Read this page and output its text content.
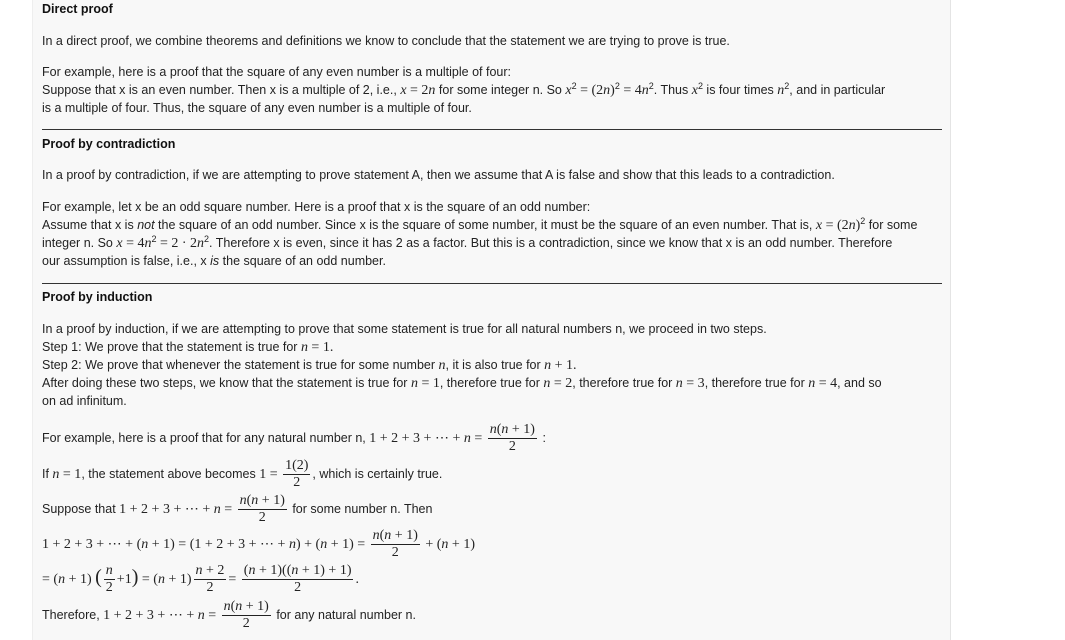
Direct proof
In a direct proof, we combine theorems and definitions we know to conclude that the statement we are trying to prove is true.
For example, here is a proof that the square of any even number is a multiple of four:
Suppose that x is an even number. Then x is a multiple of 2, i.e., x = 2n for some integer n. So $x^2 = (2n)^2 = 4n^2$. Thus $x^2$ is four times $n^2$, and in particular
is a multiple of four. Thus, the square of any even number is a multiple of four.
Proof by contradiction
In a proof by contradiction, if we are attempting to prove statement A, then we assume that A is false and show that this leads to a contradiction.
For example, let x be an odd square number. Here is a proof that x is the square of an odd number:
Assume that x is not the square of an odd number. Since x is the square of some number, it must be the square of an even number. That is, $x = (2n)^2$ for some
integer n. So $x = 4n^2 = 2 \cdot 2n^2$. Therefore x is even, since it has 2 as a factor. But this is a contradiction, since we know that x is an odd number. Therefore
our assumption is false, i.e., x is the square of an odd number.
Proof by induction
In a proof by induction, if we are attempting to prove that some statement is true for all natural numbers n, we proceed in two steps.
Step 1: We prove that the statement is true for n = 1.
Step 2: We prove that whenever the statement is true for some number n, it is also true for n + 1.
After doing these two steps, we know that the statement is true for n = 1, therefore true for n = 2, therefore true for n = 3, therefore true for n = 4, and so
on ad infinitum.
For example, here is a proof that for any natural number n, 1 + 2 + 3 + ⋯ + $n = \frac{n(n + 1)}{2}$ :
If n = 1, the statement above becomes $1 = \frac{1(2)}{2}$ , which is certainly true.
Suppose that 1 + 2 + 3 + ⋯ + $n = \frac{n(n + 1)}{2}$ for some number n. Then
1 + 2 + 3 + ⋯ + (n + 1) = (1 + 2 + 3 + ⋯ + $n) + (n + 1) = \frac{n(n + 1)}{2} + (n + 1)$
= (n + 1) ( $\frac{n}{2} +1) = (n + 1) \frac{n + 2}{2} = \frac{(n + 1)((n + 1) + 1)}{2}$ .
Therefore, 1 + 2 + 3 + ⋯ + $n = \frac{n(n + 1)}{2}$ for any natural number n.
